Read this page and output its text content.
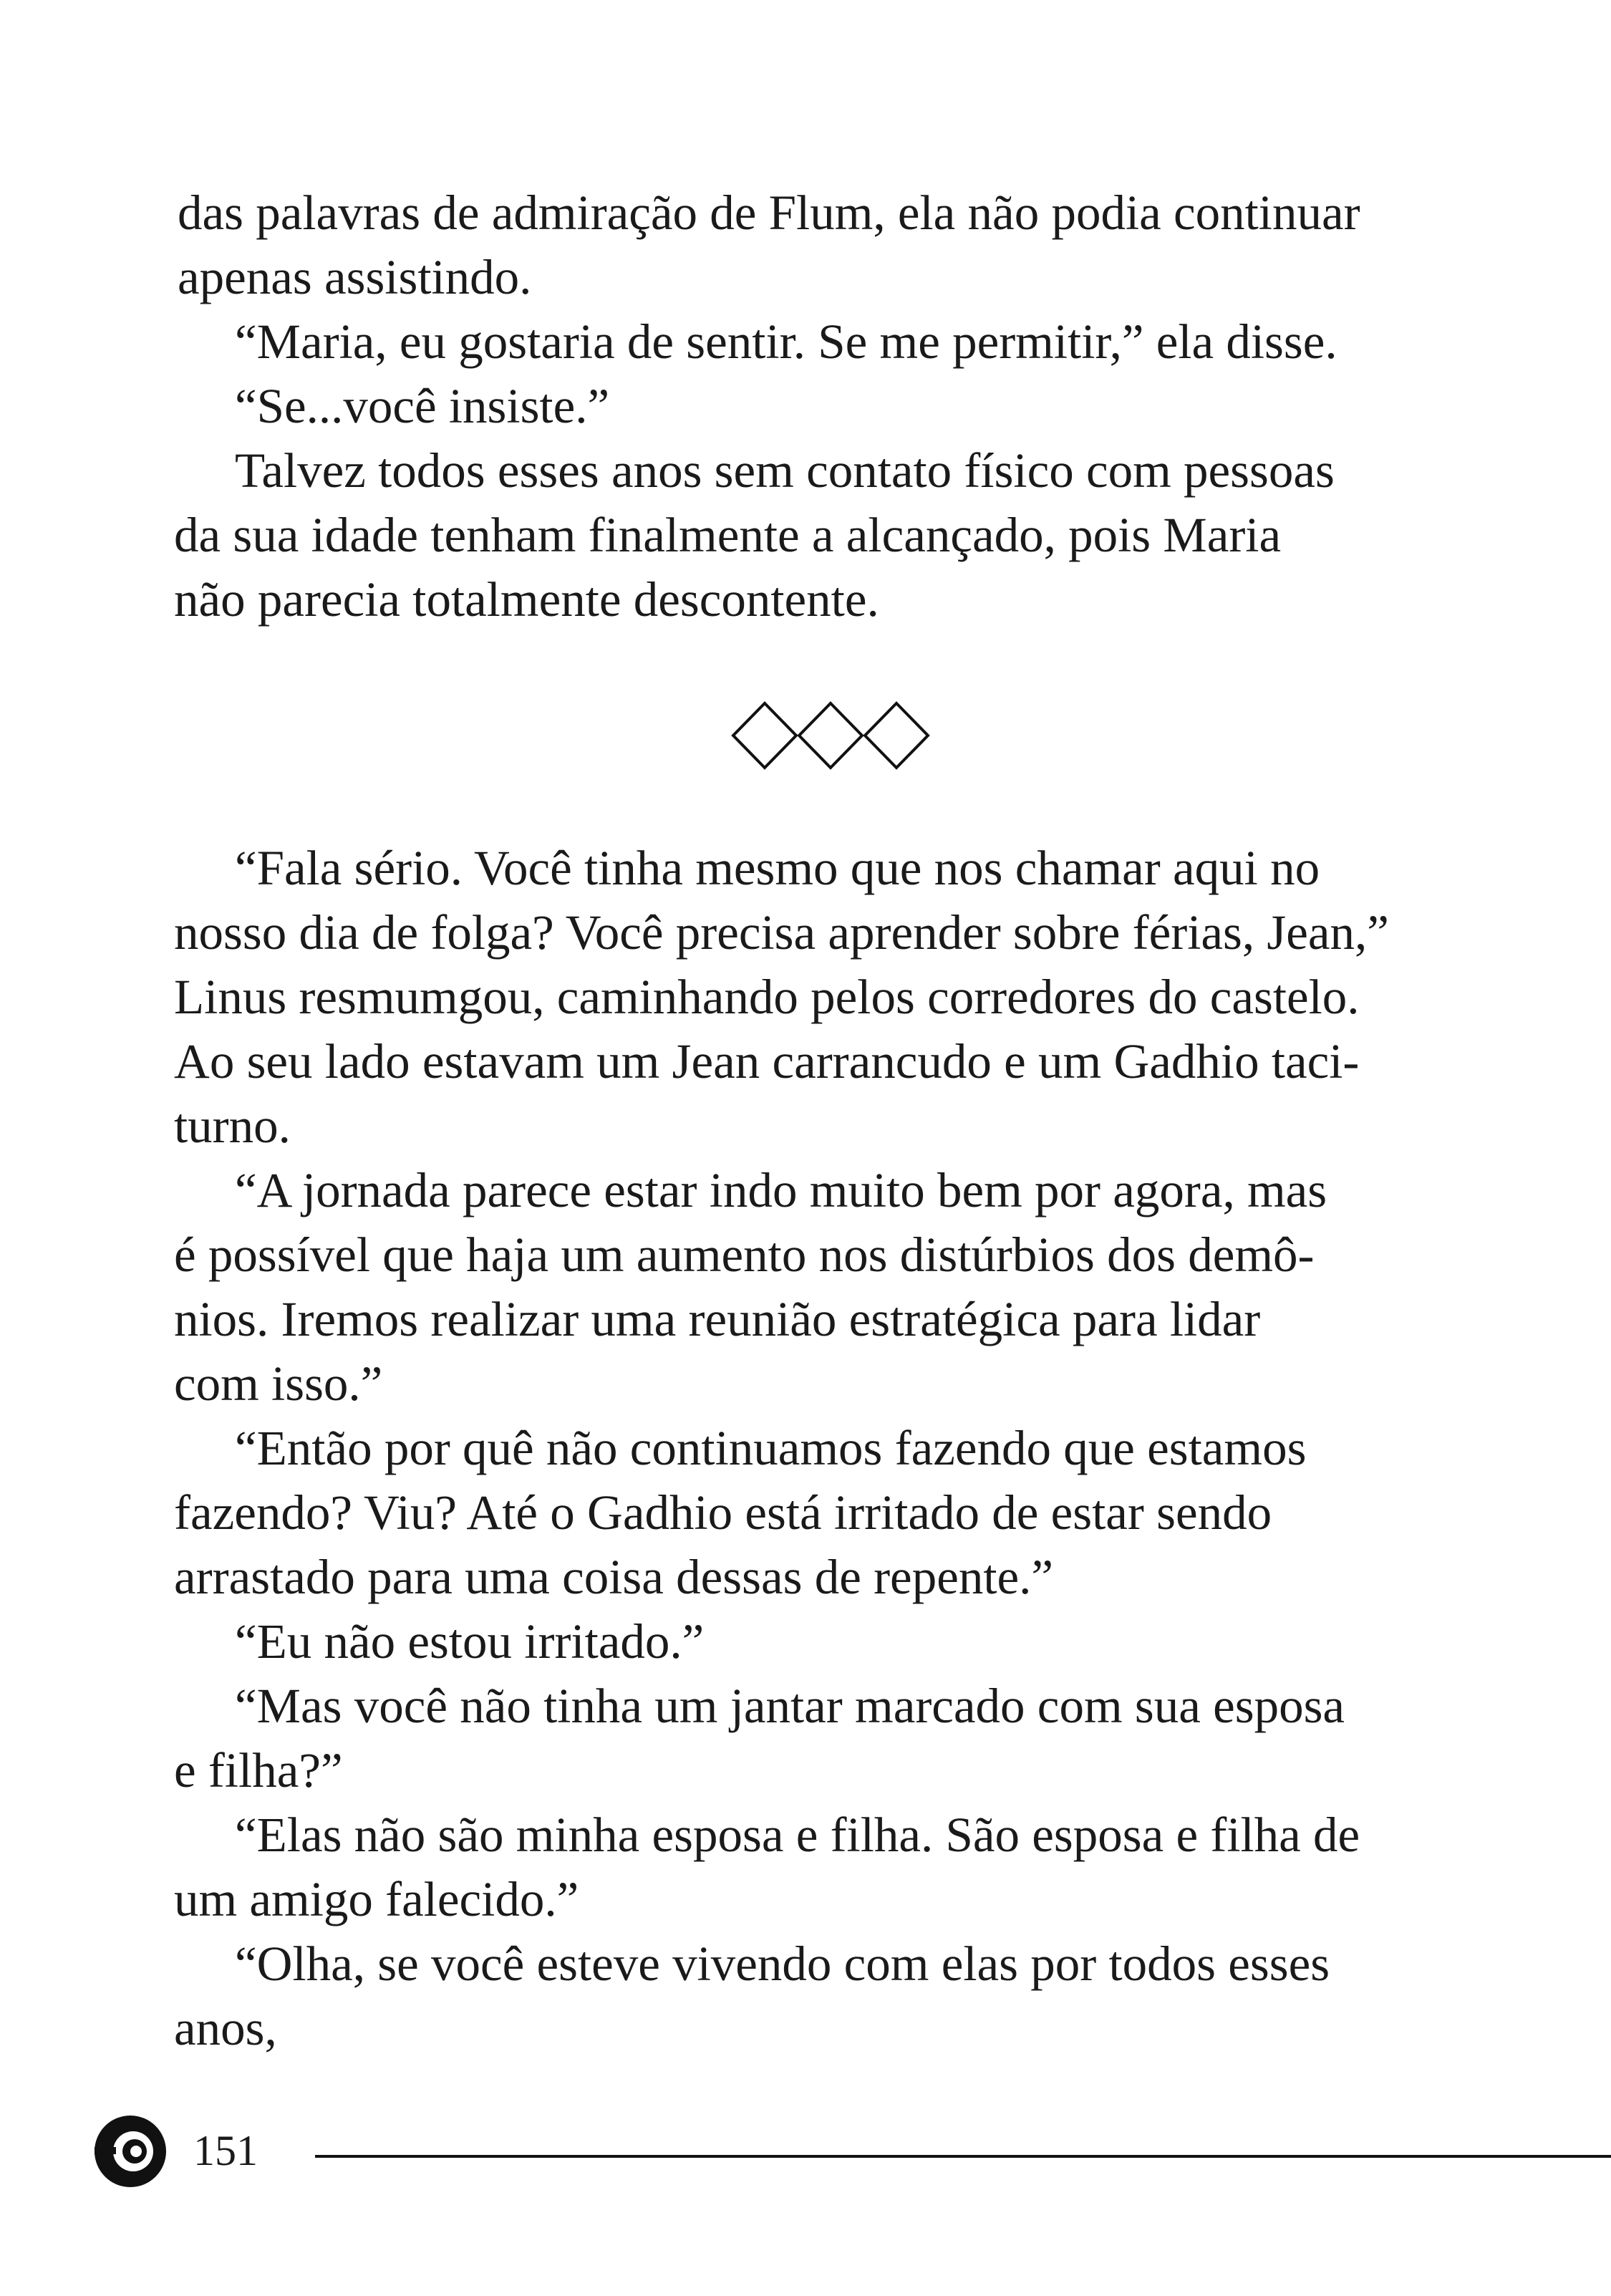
das palavras de admiração de Flum, ela não podia continuar
apenas assistindo.
“Maria, eu gostaria de sentir. Se me permitir,” ela disse.
“Se...você insiste.”
Talvez todos esses anos sem contato físico com pessoas
da sua idade tenham finalmente a alcançado, pois Maria
não parecia totalmente descontente.
“Fala sério. Você tinha mesmo que nos chamar aqui no
nosso dia de folga? Você precisa aprender sobre férias, Jean,”
Linus resmumgou, caminhando pelos corredores do castelo.
Ao seu lado estavam um Jean carrancudo e um Gadhio taci-
turno.
“A jornada parece estar indo muito bem por agora, mas
é possível que haja um aumento nos distúrbios dos demô-
nios. Iremos realizar uma reunião estratégica para lidar
com isso.”
“Então por quê não continuamos fazendo que estamos
fazendo? Viu? Até o Gadhio está irritado de estar sendo
arrastado para uma coisa dessas de repente.”
“Eu não estou irritado.”
“Mas você não tinha um jantar marcado com sua esposa
e filha?”
“Elas não são minha esposa e filha. São esposa e filha de
um amigo falecido.”
“Olha, se você esteve vivendo com elas por todos esses
anos,
151
